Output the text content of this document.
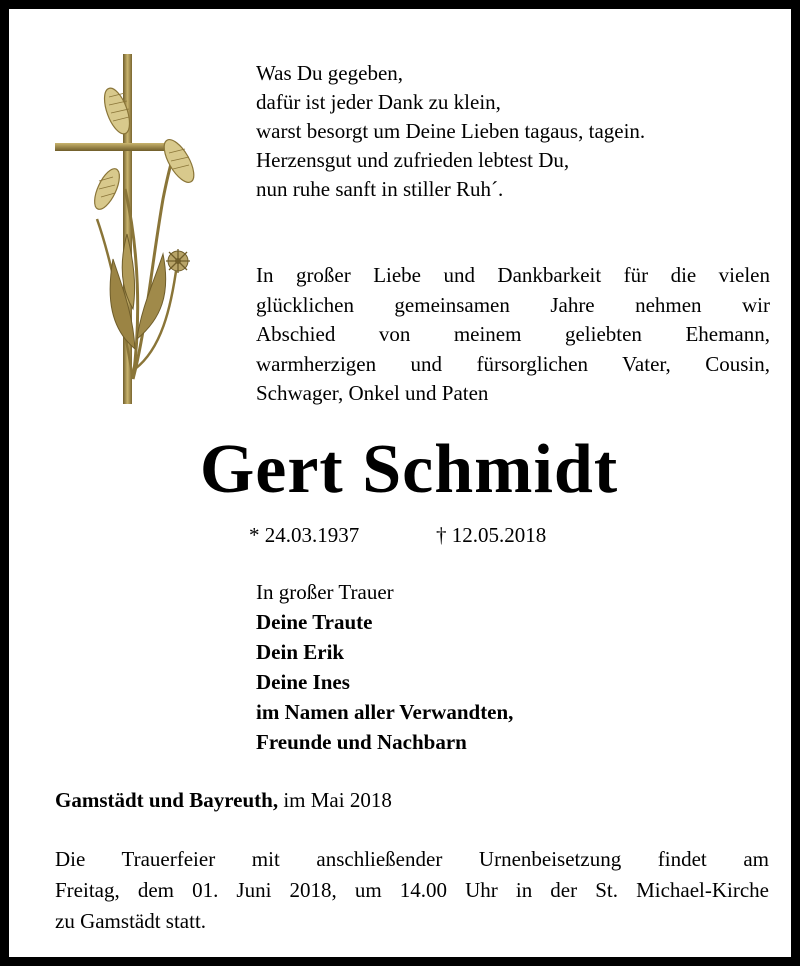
Was Du gegeben,
dafür ist jeder Dank zu klein,
warst besorgt um Deine Lieben tagaus, tagein.
Herzensgut und zufrieden lebtest Du,
nun ruhe sanft in stiller Ruh´.
In großer Liebe und Dankbarkeit für die vielen
glücklichen gemeinsamen Jahre nehmen wir
Abschied von meinem geliebten Ehemann,
warmherzigen und fürsorglichen Vater, Cousin,
Schwager, Onkel und Paten
Gert Schmidt
* 24.03.1937	† 12.05.2018
In großer Trauer
Deine Traute
Dein Erik
Deine Ines
im Namen aller Verwandten,
Freunde und Nachbarn
Gamstädt und Bayreuth, im Mai 2018
Die Trauerfeier mit anschließender Urnenbeisetzung findet am
Freitag, dem 01. Juni 2018, um 14.00 Uhr in der St. Michael-Kirche
zu Gamstädt statt.
